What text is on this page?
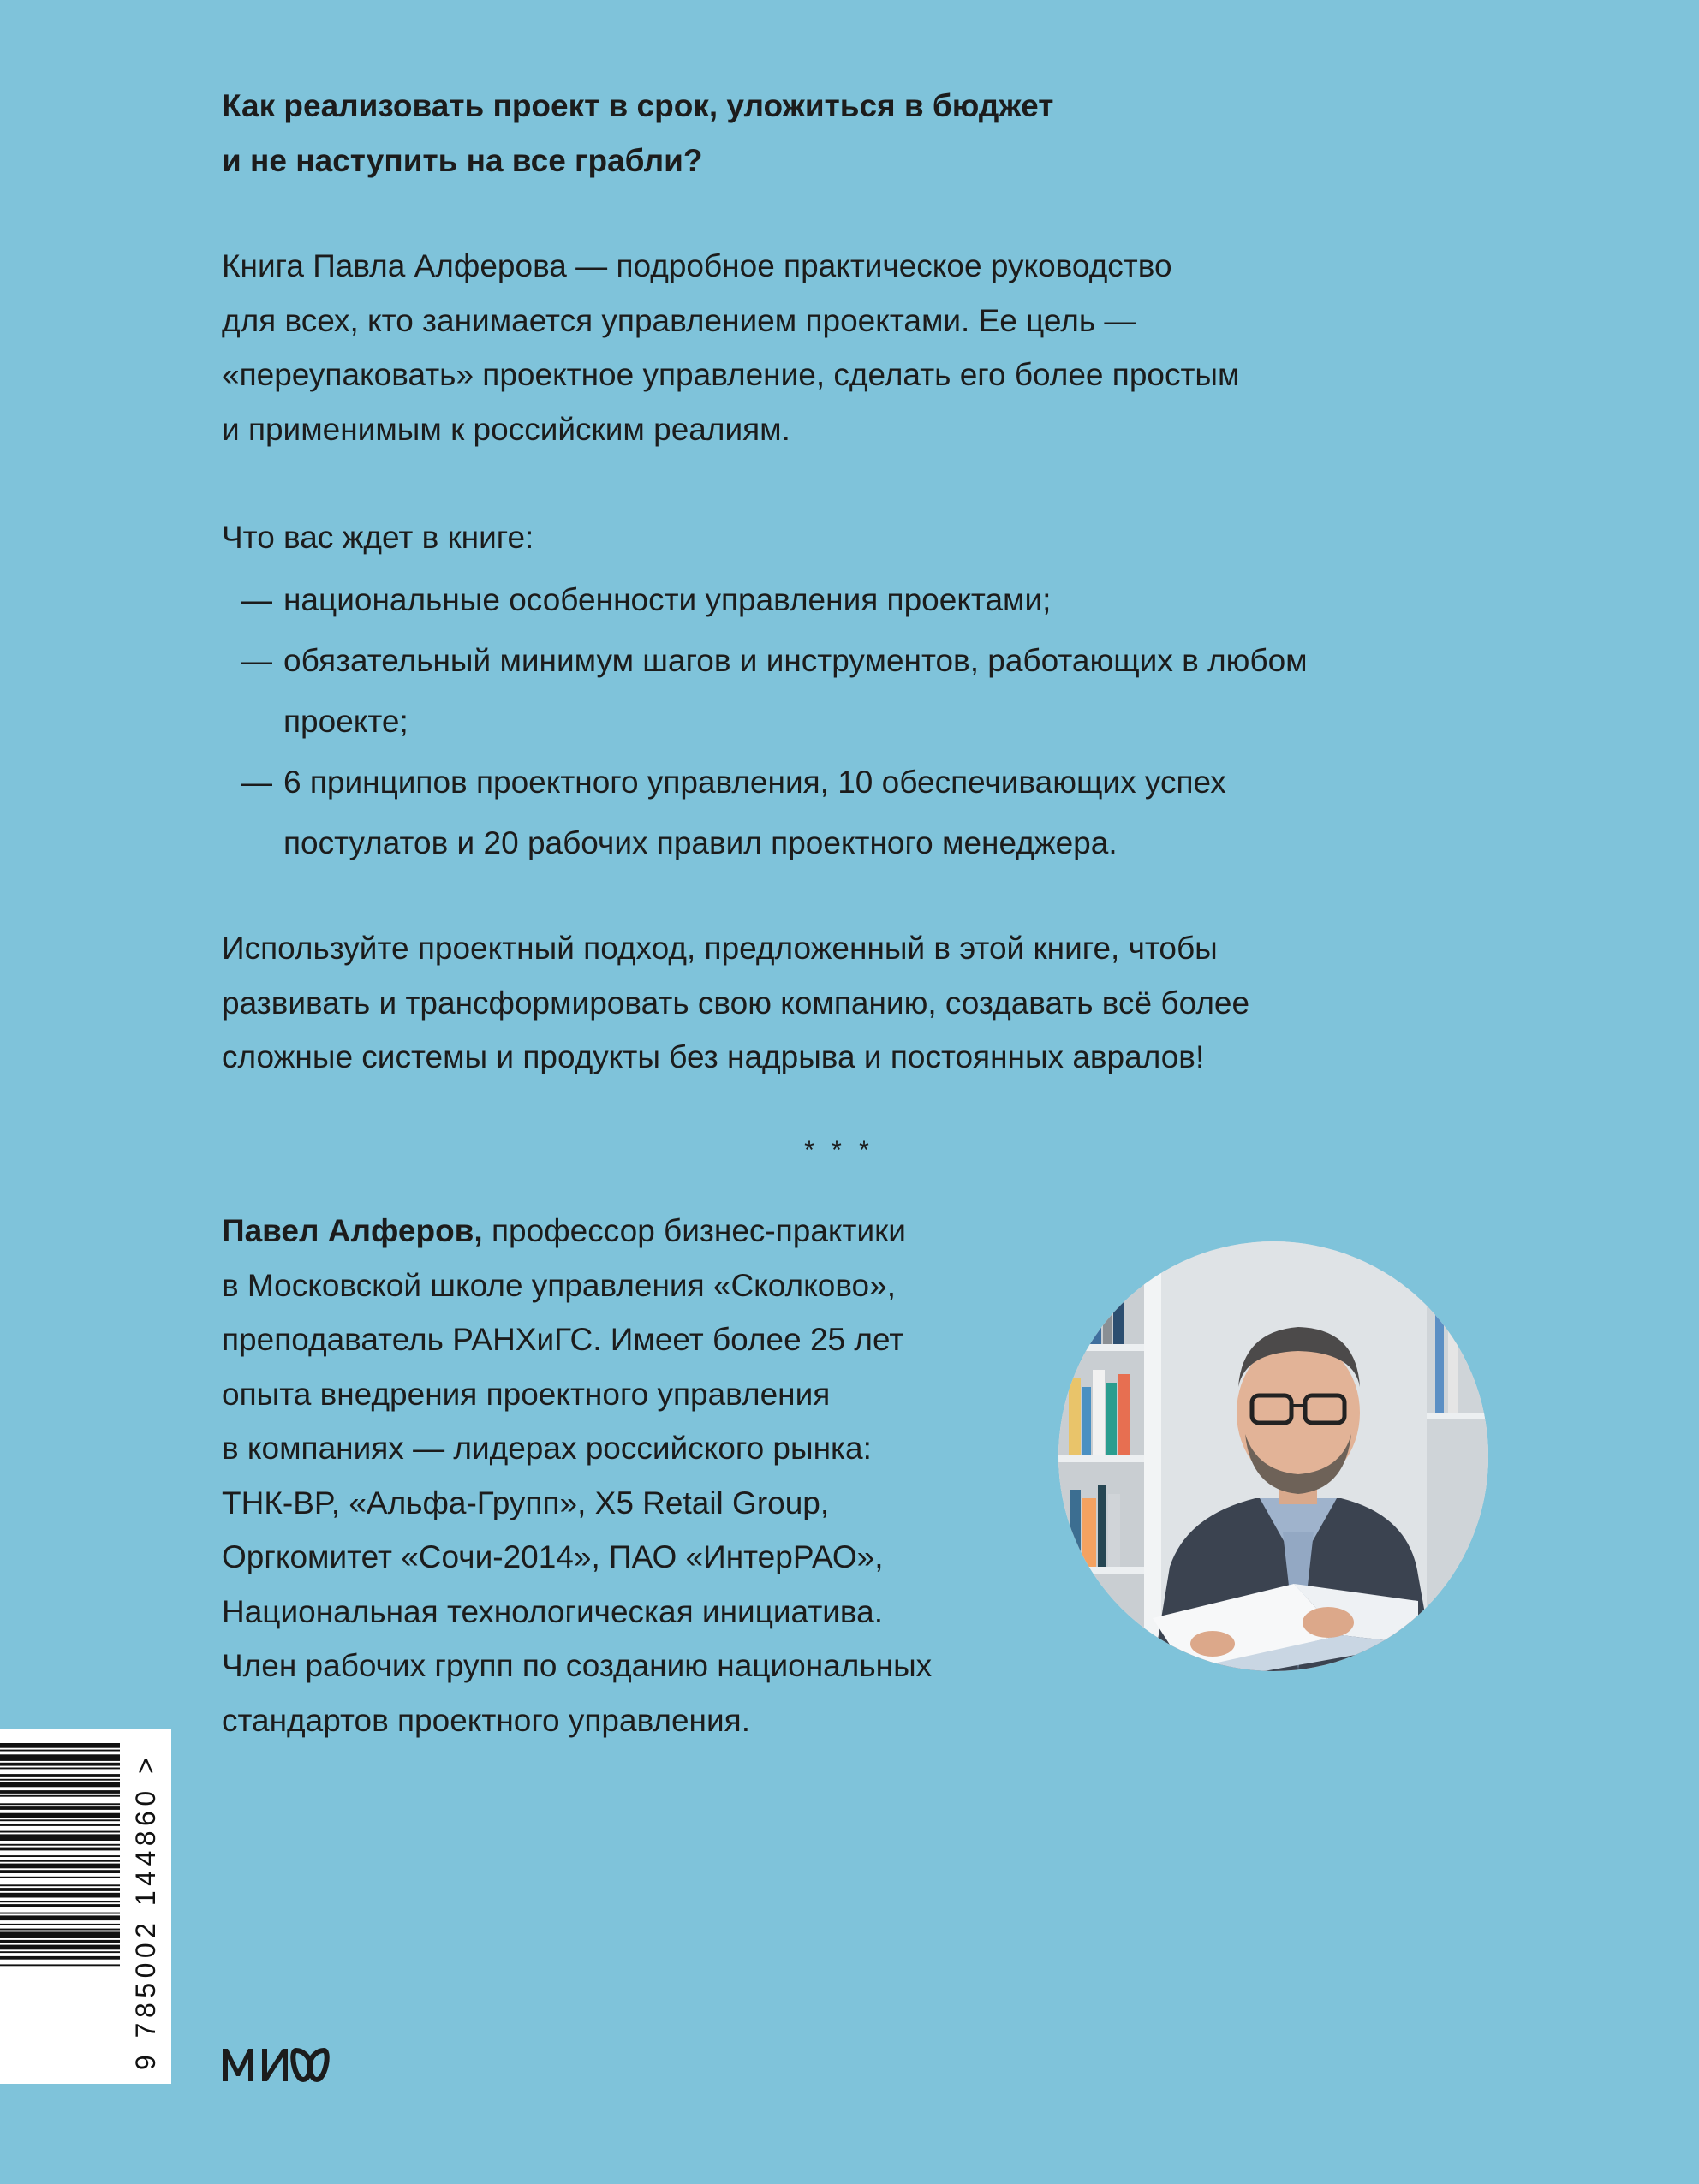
Как реализовать проект в срок, уложиться в бюджет
и не наступить на все грабли?
Книга Павла Алферова — подробное практическое руководство
для всех, кто занимается управлением проектами. Ее цель —
«переупаковать» проектное управление, сделать его более простым
и применимым к российским реалиям.
Что вас ждет в книге:
— национальные особенности управления проектами;
— обязательный минимум шагов и инструментов, работающих в любом
проекте;
— 6 принципов проектного управления, 10 обеспечивающих успех
постулатов и 20 рабочих правил проектного менеджера.
Используйте проектный подход, предложенный в этой книге, чтобы
развивать и трансформировать свою компанию, создавать всё более
сложные системы и продукты без надрыва и постоянных авралов!
* * *
Павел Алферов, профессор бизнес-практики
в Московской школе управления «Сколково»,
преподаватель РАНХиГС. Имеет более 25 лет
опыта внедрения проектного управления
в компаниях — лидерах российского рынка:
ТНК-BP, «Альфа-Групп», X5 Retail Group,
Оргкомитет «Сочи-2014», ПАО «ИнтерРАО»,
Национальная технологическая инициатива.
Член рабочих групп по созданию национальных
стандартов проектного управления.
9 785002 144860 >
